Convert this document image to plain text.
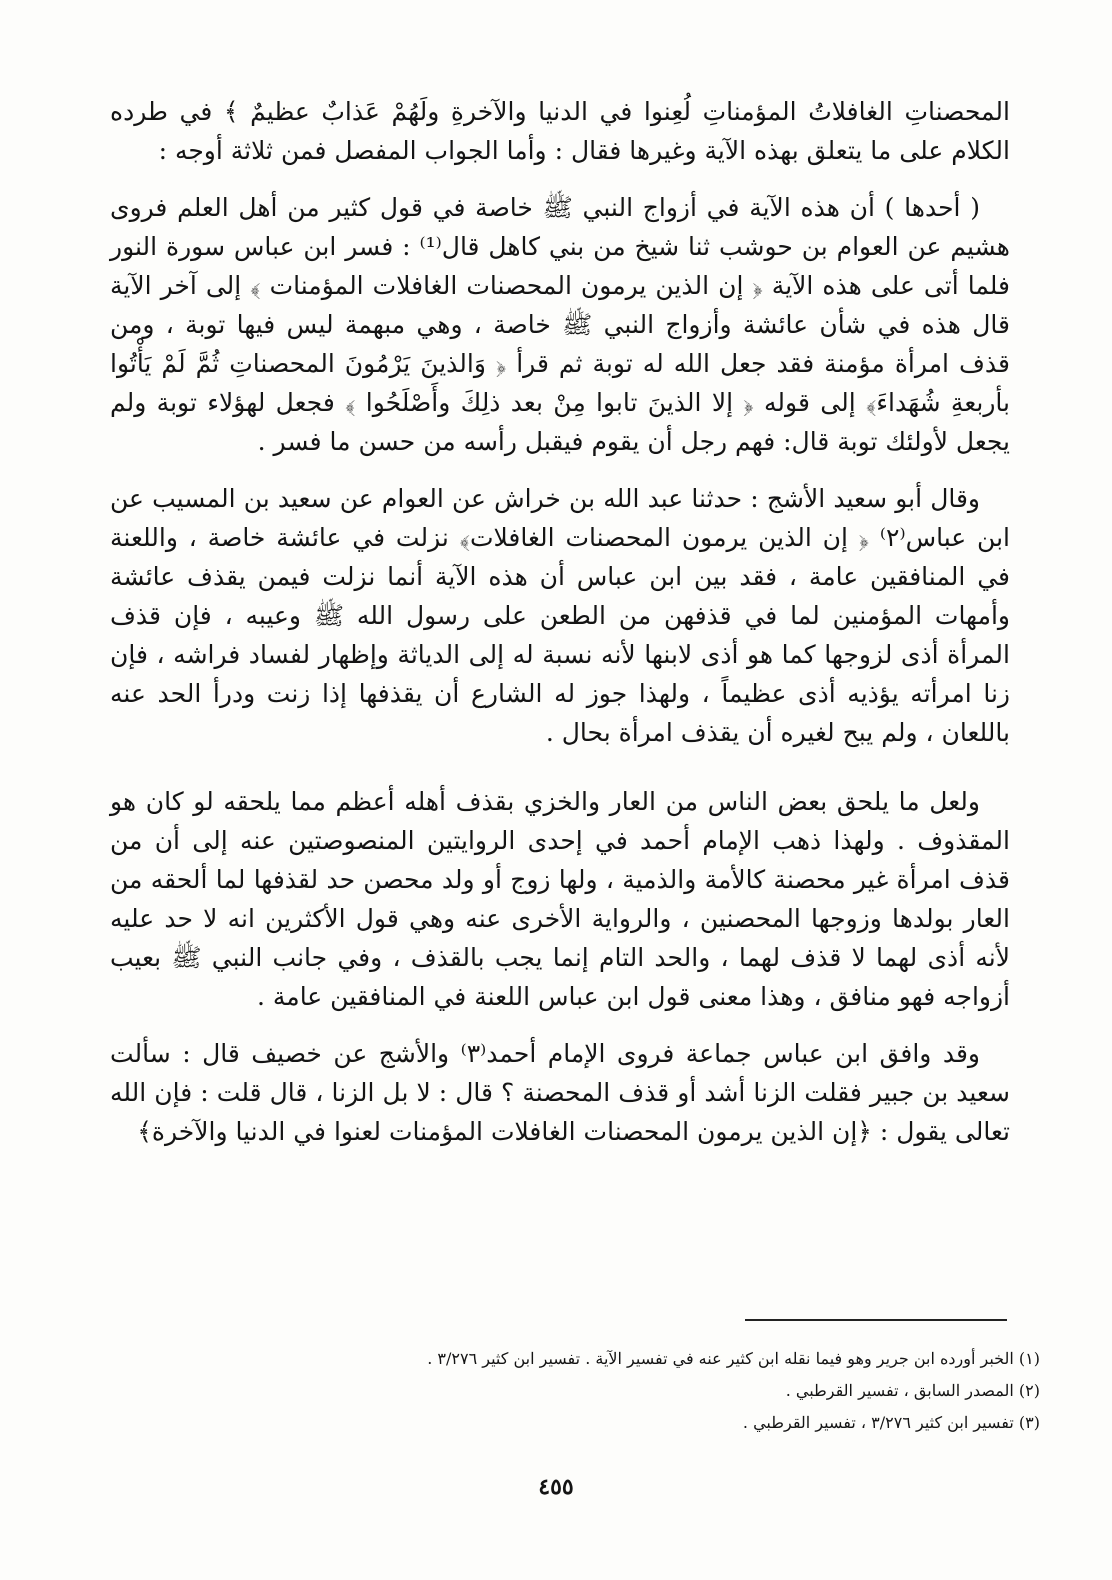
المحصناتِ الغافلاتُ المؤمناتِ لُعِنوا في الدنيا والآخرةِ ولَهُمْ عَذابٌ عظيمٌ ﴾ في طرده الكلام على ما يتعلق بهذه الآية وغيرها فقال : وأما الجواب المفصل فمن ثلاثة أوجه :

( أحدها ) أن هذه الآية في أزواج النبي ﷺ خاصة في قول كثير من أهل العلم فروى هشيم عن العوام بن حوشب ثنا شيخ من بني كاهل قال⁽¹⁾ : فسر ابن عباس سورة النور فلما أتى على هذه الآية ﴿ إن الذين يرمون المحصنات الغافلات المؤمنات ﴾ إلى آخر الآية قال هذه في شأن عائشة وأزواج النبي ﷺ خاصة ، وهي مبهمة ليس فيها توبة ، ومن قذف امرأة مؤمنة فقد جعل الله له توبة ثم قرأ ﴿ وَالذينَ يَرْمُونَ المحصناتِ ثُمَّ لَمْ يَأْتُوا بأربعةِ شُهَداءَ﴾ إلى قوله ﴿ إلا الذينَ تابوا مِنْ بعد ذلِكَ وأَصْلَحُوا ﴾ فجعل لهؤلاء توبة ولم يجعل لأولئك توبة قال: فهم رجل أن يقوم فيقبل رأسه من حسن ما فسر .

وقال أبو سعيد الأشج : حدثنا عبد الله بن خراش عن العوام عن سعيد بن المسيب عن ابن عباس⁽٢⁾ ﴿ إن الذين يرمون المحصنات الغافلات﴾ نزلت في عائشة خاصة ، واللعنة في المنافقين عامة ، فقد بين ابن عباس أن هذه الآية أنما نزلت فيمن يقذف عائشة وأمهات المؤمنين لما في قذفهن من الطعن على رسول الله ﷺ وعيبه ، فإن قذف المرأة أذى لزوجها كما هو أذى لابنها لأنه نسبة له إلى الدياثة وإظهار لفساد فراشه ، فإن زنا امرأته يؤذيه أذى عظيماً ، ولهذا جوز له الشارع أن يقذفها إذا زنت ودرأ الحد عنه باللعان ، ولم يبح لغيره أن يقذف امرأة بحال .

ولعل ما يلحق بعض الناس من العار والخزي بقذف أهله أعظم مما يلحقه لو كان هو المقذوف . ولهذا ذهب الإمام أحمد في إحدى الروايتين المنصوصتين عنه إلى أن من قذف امرأة غير محصنة كالأمة والذمية ، ولها زوج أو ولد محصن حد لقذفها لما ألحقه من العار بولدها وزوجها المحصنين ، والرواية الأخرى عنه وهي قول الأكثرين انه لا حد عليه لأنه أذى لهما لا قذف لهما ، والحد التام إنما يجب بالقذف ، وفي جانب النبي ﷺ بعيب أزواجه فهو منافق ، وهذا معنى قول ابن عباس اللعنة في المنافقين عامة .

وقد وافق ابن عباس جماعة فروى الإمام أحمد⁽٣⁾ والأشج عن خصيف قال : سألت سعيد بن جبير فقلت الزنا أشد أو قذف المحصنة ؟ قال : لا بل الزنا ، قال قلت : فإن الله تعالى يقول : ﴿إن الذين يرمون المحصنات الغافلات المؤمنات لعنوا في الدنيا والآخرة﴾

(١) الخبر أورده ابن جرير وهو فيما نقله ابن كثير عنه في تفسير الآية . تفسير ابن كثير ٣/٢٧٦ .

(٢) المصدر السابق ، تفسير القرطبي .

(٣) تفسير ابن كثير ٣/٢٧٦ ، تفسير القرطبي .

٤٥٥
